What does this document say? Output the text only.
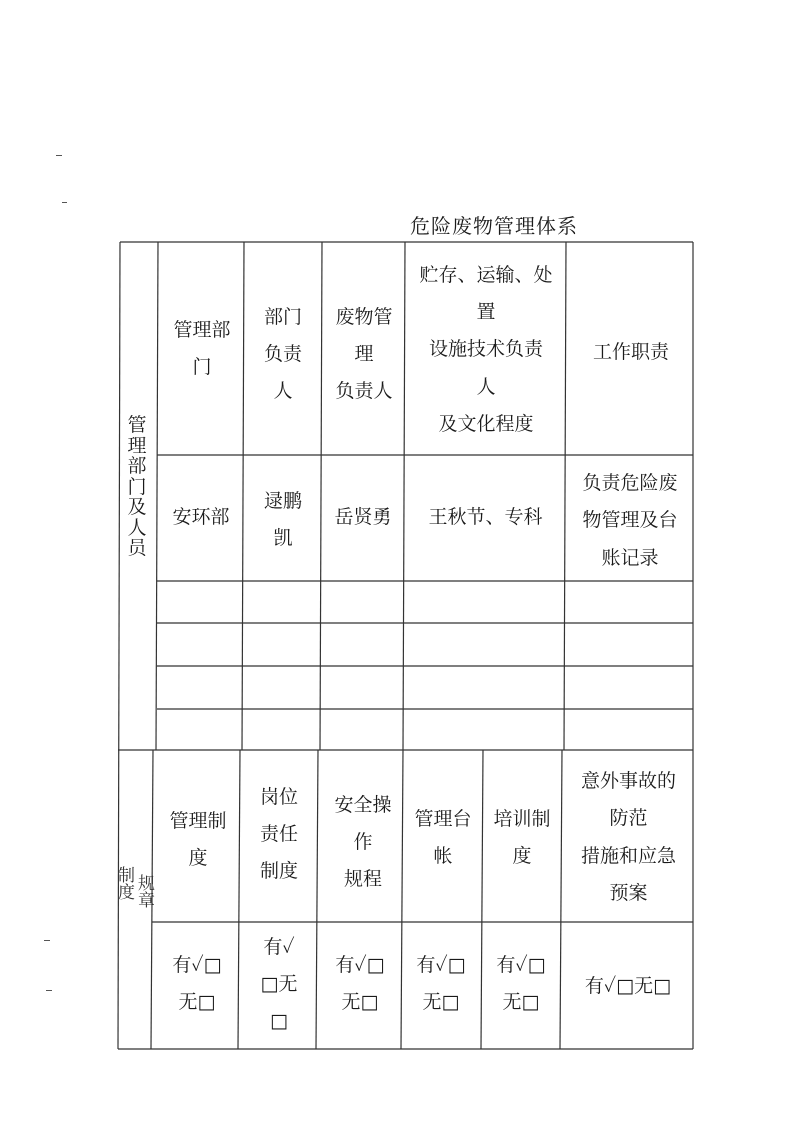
危险废物管理体系
管
理
部
门
及
人
员
管理部
门
部门
负责
人
废物管
理
负责人
贮存、运输、处
置
设施技术负责
人
及文化程度
工作职责
安环部
逯鹏
凯
岳贤勇	王秋节、专科
负责危险废
物管理及台
账记录
制 度 规 章
管理制
度
岗位
责任
制度
安全操
作
规程
管理台
帐
培训制
度
意外事故的
防范
措施和应急
预案
有✓□
无□
有✓
□无
□
有✓□
无□
有✓□
无□
有✓□
无□
有✓□无□
